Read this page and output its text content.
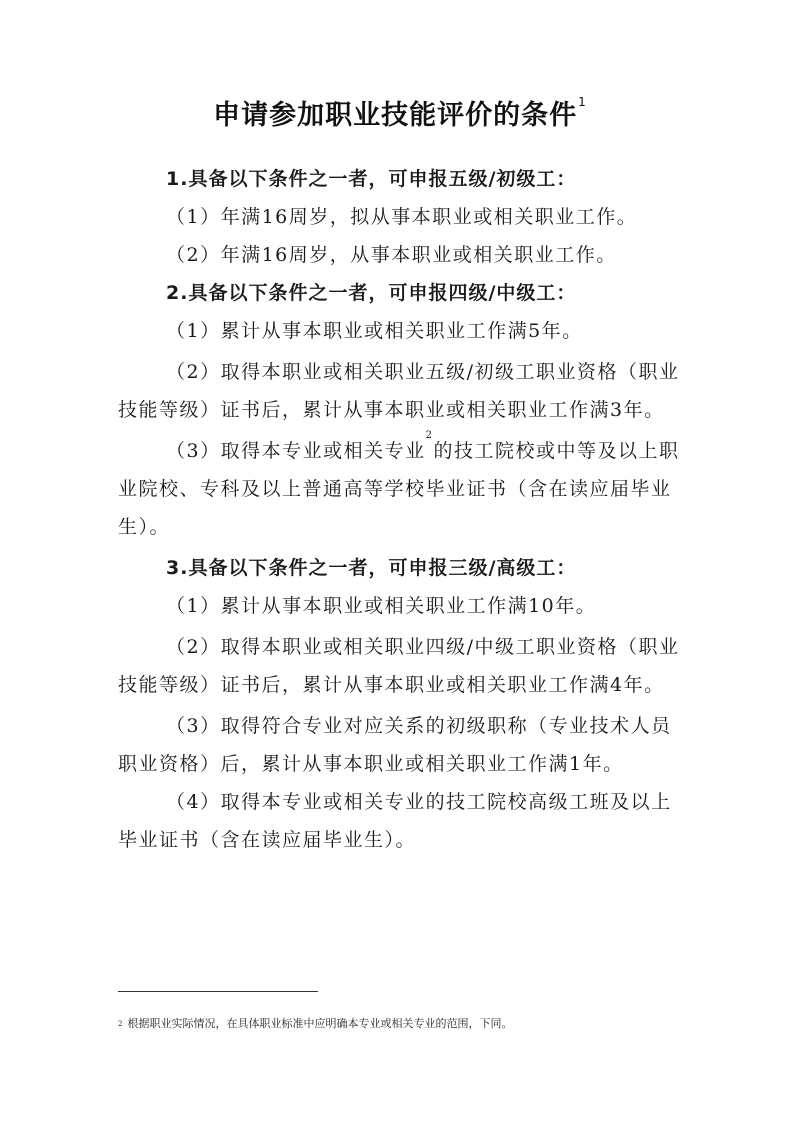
申请参加职业技能评价的条件$^1$

1.具备以下条件之一者，可申报五级/初级工：

（1）年满16周岁，拟从事本职业或相关职业工作。

（2）年满16周岁，从事本职业或相关职业工作。

2.具备以下条件之一者，可申报四级/中级工：

（1）累计从事本职业或相关职业工作满5年。

（2）取得本职业或相关职业五级/初级工职业资格（职业技能等级）证书后，累计从事本职业或相关职业工作满3年。

（3）取得本专业或相关专业$^2$的技工院校或中等及以上职业院校、专科及以上普通高等学校毕业证书（含在读应届毕业生）。

3.具备以下条件之一者，可申报三级/高级工：

（1）累计从事本职业或相关职业工作满10年。

（2）取得本职业或相关职业四级/中级工职业资格（职业技能等级）证书后，累计从事本职业或相关职业工作满4年。

（3）取得符合专业对应关系的初级职称（专业技术人员职业资格）后，累计从事本职业或相关职业工作满1年。

（4）取得本专业或相关专业的技工院校高级工班及以上毕业证书（含在读应届毕业生）。

$^2$ 根据职业实际情况，在具体职业标准中应明确本专业或相关专业的范围，下同。
